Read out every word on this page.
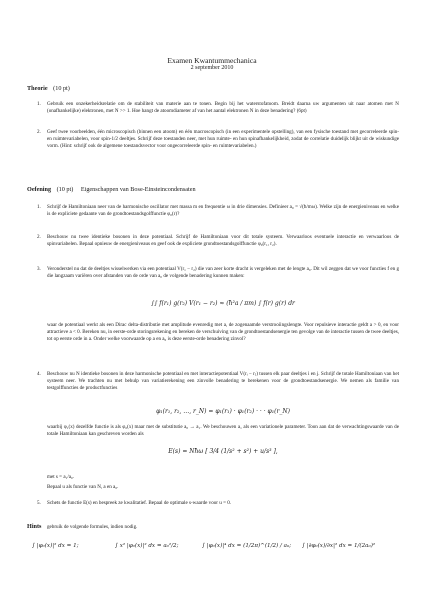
Examen Kwantummechanica
2 september 2010
Theorie (10 pt)
1. Gebruik een onzekerheidsrelatie om de stabiliteit van materie aan te tonen. Begin bij het waterstofatoom. Breidt daarna uw argumenten uit naar atomen met N (onafhankelijke) elektronen, met N >> 1. Hoe hangt de atoomdiameter af van het aantal elektronen N in deze benadering? (6pt)
2. Geef twee voorbeelden, één microscopisch (binnen een atoom) en één macroscopisch (in een experimentele opstelling), van een fysische toestand met gecorreleerde spin- en ruimtevariabelen, voor spin-1/2 deeltjes. Schrijf deze toestanden neer, met hun ruimte- en hun spinafhankelijkheid, zodat de correlatie duidelijk blijkt uit de wiskundige vorm. (Hint: schrijf ook de algemene toestandsvector voor ongecorreleerde spin- en ruimtevariabelen.)
Oefening (10 pt) Eigenschappen van Bose-Einsteincondensaten
1. Schrijf de Hamiltoniaan neer van de harmonische oscillator met massa m en frequentie ω in drie dimensies. Definieer a₀ = √(ħ/mω). Welke zijn de energieniveaus en welke is de expliciete gedaante van de grondtoestandsgolffunctie φ₀(r)?
2. Beschouw nu twee identieke bosonen in deze potentiaal. Schrijf de Hamiltoniaan voor dit totale systeem. Verwaarloos eventuele interactie en verwaarloos de spinvariabelen. Bepaal opnieuw de energieniveaus en geef ook de expliciete grondtoestandsgolffunctie φ₀(r₁, r₂).
3. Veronderstel nu dat de deeltjes wisselwerken via een potentiaal V(r₁ − r₂) die van zeer korte dracht is vergeleken met de lengte a₀. Dit wil zeggen dat we voor functies f en g die langzaam variëren over afstanden van de orde van a₀ de volgende benadering kunnen maken:
∫∫ f(r₁) g(r₂) V(r₁ − r₂) ≈ (ħ²a / πm) ∫ f(r) g(r) dr
waar de potentiaal werkt als een Dirac delta-distributie met amplitude evenredig met a, de zogenaamde verstrooiingslengte. Voor repulsieve interactie geldt a > 0, en voor attractieve a < 0. Bereken nu, in eerste-orde storingsrekening en bereken de verschuiving van de grondtoestandsenergie ten gevolge van de interactie tussen de twee deeltjes, tot op eerste orde in a. Onder welke voorwaarde op a en a₀ is deze eerste-orde benadering zinvol?
4. Beschouw nu N identieke bosonen in deze harmonische potentiaal en met interactiepotentiaal V(rᵢ − rⱼ) tussen elk paar deeltjes i en j. Schrijf de totale Hamiltoniaan van het systeem neer. We trachten nu met behulp van variatierekening een zinvolle benadering te berekenen voor de grondtoestandsenergie. We nemen als familie van testgolffuncties de productfuncties
φ₁(r₁, r₂, …, r_N) = φ₁(r₁) · φ₁(r₂) · · · φ₁(r_N)
waarbij φ₁(x) dezelfde functie is als φ₀(x) maar met de substitutie a₀ → a₁. We beschouwen a₁ als een variationele parameter. Toon aan dat de verwachtingswaarde van de totale Hamiltoniaan kan geschreven worden als
E(s) = Nħω [ 3/4 (1/s² + s²) + u/s³ ],
met s = a₁/a₀.
Bepaal u als functie van N, a en a₀.
5. Schets de functie E(s) en bespreek ze kwalitatief. Bepaal de optimale s-waarde voor u = 0.
Hints gebruik de volgende formules, indien nodig.
∫ |φ₀(x)|² dx = 1;	∫ x² |φ₀(x)|² dx = a₀²/2;	∫ |φ₀(x)|⁴ dx = (1/2π)^(1/2) / a₀; ∫ |∂φ₀(x)/∂x|² dx = 1/(2a₀)²
